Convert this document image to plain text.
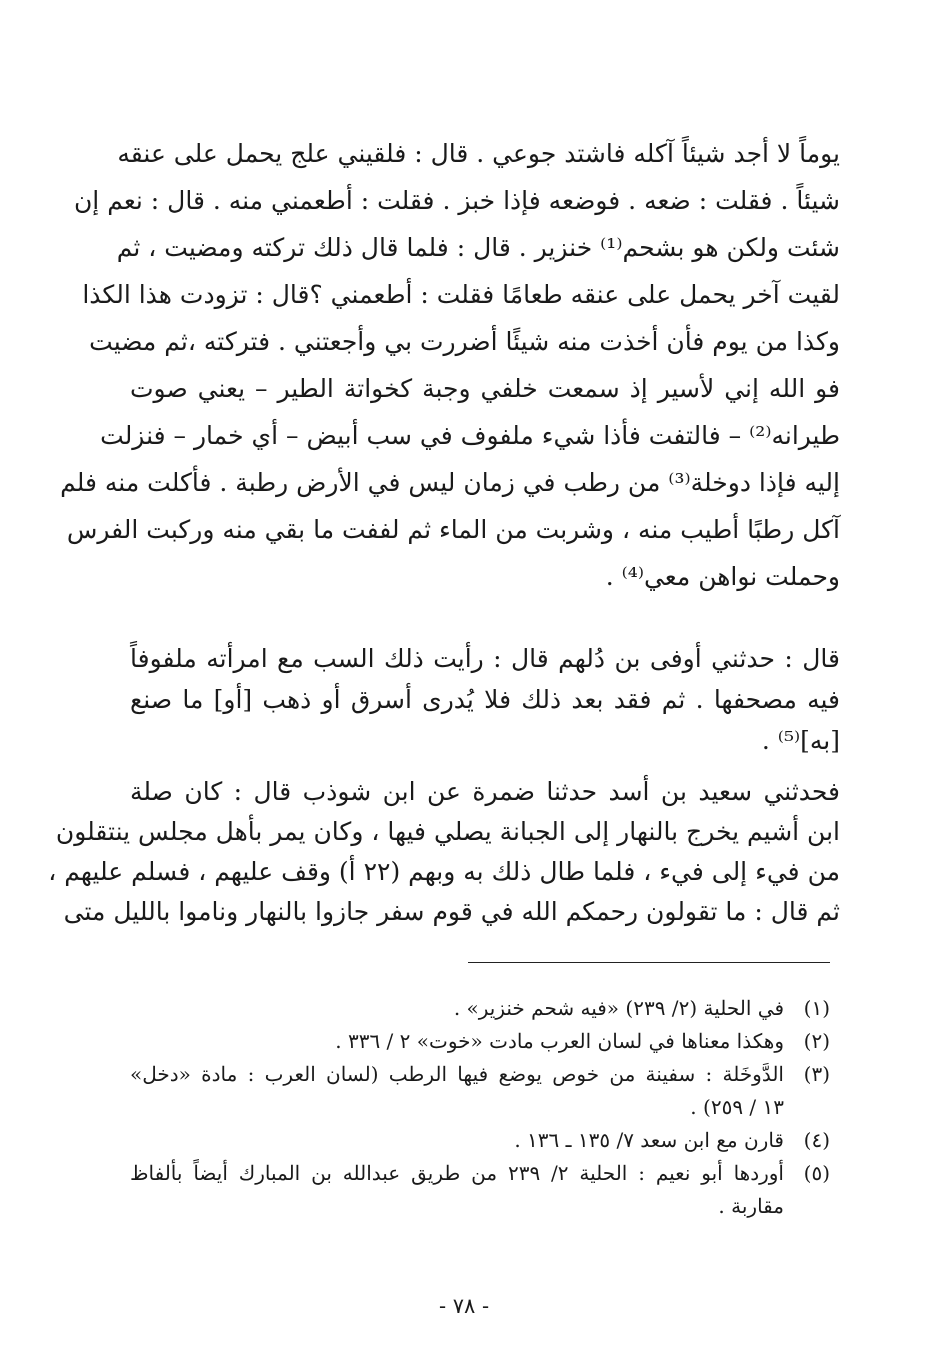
يوماً لا أجد شيئاً آكله فاشتد جوعي . قال : فلقيني علج يحمل على عنقه
شيئاً . فقلت : ضعه . فوضعه فإذا خبز . فقلت : أطعمني منه . قال : نعم إن
شئت ولكن هو بشحم⁽¹⁾ خنزير . قال : فلما قال ذلك تركته ومضيت ، ثم
لقيت آخر يحمل على عنقه طعامًا فقلت : أطعمني ؟قال : تزودت هذا الكذا
وكذا من يوم فأن أخذت منه شيئًا أضررت بي وأجعتني . فتركته ،ثم مضيت
فو الله إني لأسير إذ سمعت خلفي وجبة كخواتة الطير – يعني صوت
طيرانه⁽²⁾ – فالتفت فأذا شيء ملفوف في سب أبيض – أي خمار – فنزلت
إليه فإذا دوخلة⁽³⁾ من رطب في زمان ليس في الأرض رطبة . فأكلت منه فلم
آكل رطبًا أطيب منه ، وشربت من الماء ثم لففت ما بقي منه وركبت الفرس
وحملت نواهن معي⁽⁴⁾ .
قال : حدثني أوفى بن دُلهم قال : رأيت ذلك السب مع امرأته ملفوفاً
فيه مصحفها . ثم فقد بعد ذلك فلا يُدرى أسرق أو ذهب [أو] ما صنع
[به]⁽⁵⁾ .
فحدثني سعيد بن أسد حدثنا ضمرة عن ابن شوذب قال : كان صلة
ابن أشيم يخرج بالنهار إلى الجبانة يصلي فيها ، وكان يمر بأهل مجلس ينتقلون
من فيء إلى فيء ، فلما طال ذلك به وبهم (٢٢ أ) وقف عليهم ، فسلم عليهم ،
ثم قال : ما تقولون رحمكم الله في قوم سفر جازوا بالنهار وناموا بالليل متى
(١)
في الحلية (٢/ ٢٣٩) «فيه شحم خنزير» .
(٢)
وهكذا معناها في لسان العرب مادت «خوت» ٢ / ٣٣٦ .
(٣)
الدَّوخَلة : سفينة من خوص يوضع فيها الرطب (لسان العرب : مادة «دخل»
١٣ / ٢٥٩) .
(٤)
قارن مع ابن سعد ٧/ ١٣٥ ـ ١٣٦ .
(٥)
أوردها أبو نعيم : الحلية ٢/ ٢٣٩ من طريق عبدالله بن المبارك أيضاً بألفاظ
مقاربة .
- ٧٨ -
